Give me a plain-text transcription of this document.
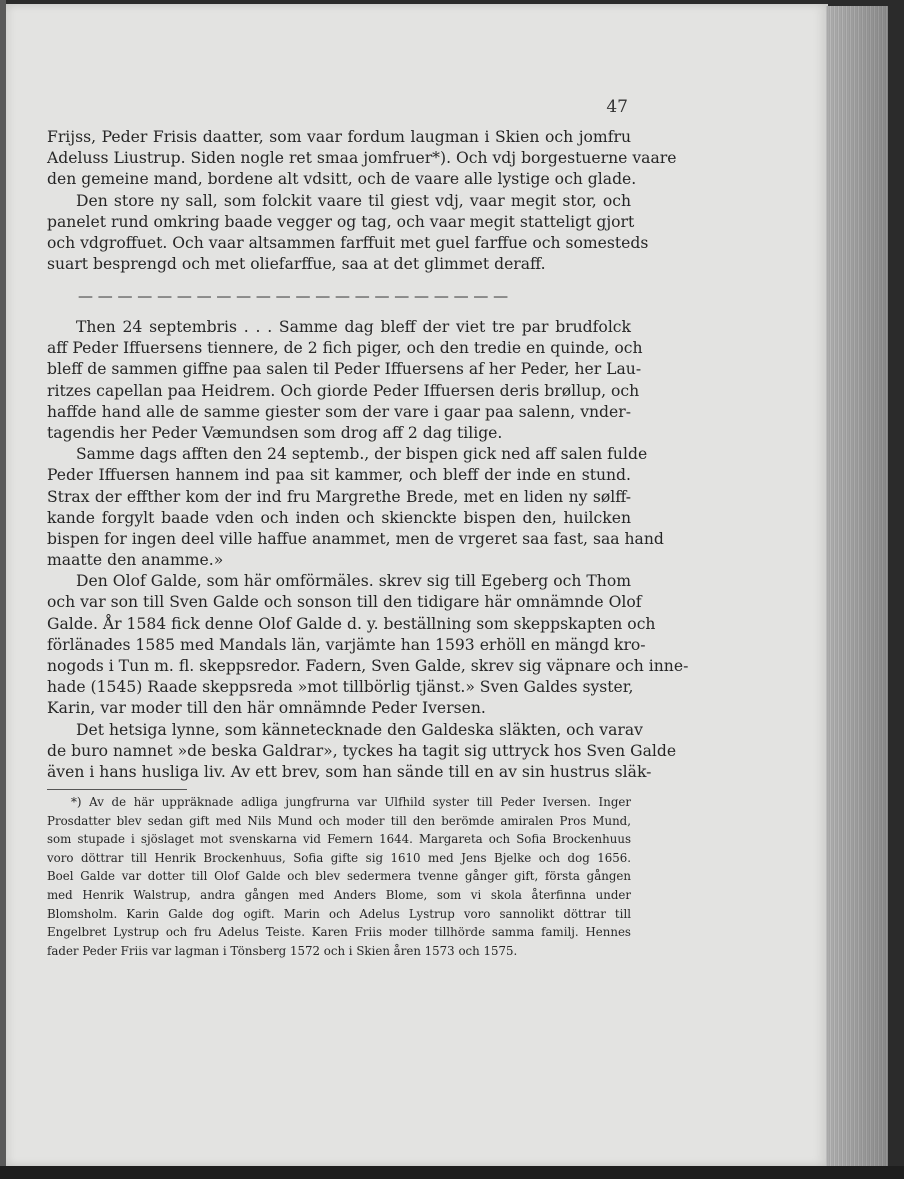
47
Frijss, Peder Frisis daatter, som vaar fordum laugman i Skien och jomfru
Adeluss Liustrup. Siden nogle ret smaa jomfruer*). Och vdj borgestuerne vaare
den gemeine mand, bordene alt vdsitt, och de vaare alle lystige och glade.
Den store ny sall, som folckit vaare til giest vdj, vaar megit stor, och
panelet rund omkring baade vegger og tag, och vaar megit statteligt gjort
och vdgroffuet. Och vaar altsammen farffuit met guel farffue och somesteds
suart besprengd och met oliefarffue, saa at det glimmet deraff.
— — — — — — — — — — — — — — — — — — — — — —
Then 24 septembris . . . Samme dag bleff der viet tre par brudfolck
aff Peder Iffuersens tiennere, de 2 fich piger, och den tredie en quinde, och
bleff de sammen giffne paa salen til Peder Iffuersens af her Peder, her Lau-
ritzes capellan paa Heidrem. Och giorde Peder Iffuersen deris brøllup, och
haffde hand alle de samme giester som der vare i gaar paa salenn, vnder-
tagendis her Peder Væmundsen som drog aff 2 dag tilige.
Samme dags afften den 24 septemb., der bispen gick ned aff salen fulde
Peder Iffuersen hannem ind paa sit kammer, och bleff der inde en stund.
Strax der effther kom der ind fru Margrethe Brede, met en liden ny sølff-
kande forgylt baade vden och inden och skienckte bispen den, huilcken
bispen for ingen deel ville haffue anammet, men de vrgeret saa fast, saa hand
maatte den anamme.»
Den Olof Galde, som här omförmäles. skrev sig till Egeberg och Thom
och var son till Sven Galde och sonson till den tidigare här omnämnde Olof
Galde. År 1584 fick denne Olof Galde d. y. beställning som skeppskapten och
förlänades 1585 med Mandals län, varjämte han 1593 erhöll en mängd kro-
nogods i Tun m. fl. skeppsredor. Fadern, Sven Galde, skrev sig väpnare och inne-
hade (1545) Raade skeppsreda »mot tillbörlig tjänst.» Sven Galdes syster,
Karin, var moder till den här omnämnde Peder Iversen.
Det hetsiga lynne, som kännetecknade den Galdeska släkten, och varav
de buro namnet »de beska Galdrar», tyckes ha tagit sig uttryck hos Sven Galde
även i hans husliga liv. Av ett brev, som han sände till en av sin hustrus släk-
*) Av de här uppräknade adliga jungfrurna var Ulfhild syster till Peder Iversen. Inger
Prosdatter blev sedan gift med Nils Mund och moder till den berömde amiralen Pros Mund,
som stupade i sjöslaget mot svenskarna vid Femern 1644. Margareta och Sofia Brockenhuus
voro döttrar till Henrik Brockenhuus, Sofia gifte sig 1610 med Jens Bjelke och dog 1656.
Boel Galde var dotter till Olof Galde och blev sedermera tvenne gånger gift, första gången
med Henrik Walstrup, andra gången med Anders Blome, som vi skola återfinna under
Blomsholm. Karin Galde dog ogift. Marin och Adelus Lystrup voro sannolikt döttrar till
Engelbret Lystrup och fru Adelus Teiste. Karen Friis moder tillhörde samma familj. Hennes
fader Peder Friis var lagman i Tönsberg 1572 och i Skien åren 1573 och 1575.
